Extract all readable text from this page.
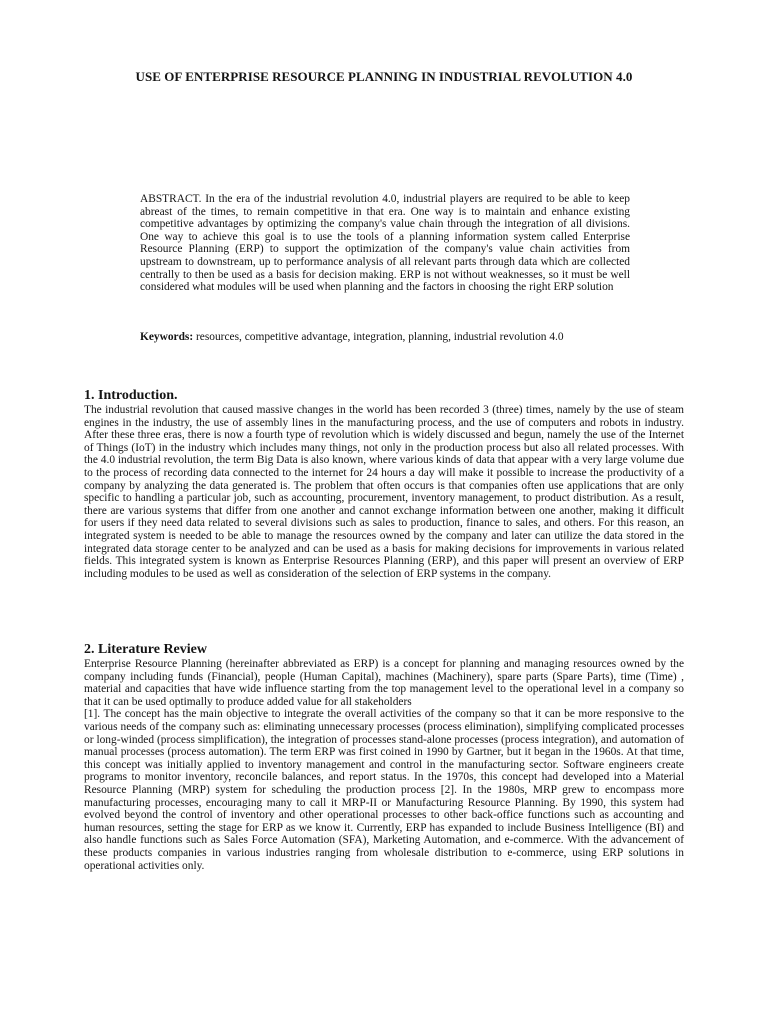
USE OF ENTERPRISE RESOURCE PLANNING IN INDUSTRIAL REVOLUTION 4.0

ABSTRACT. In the era of the industrial revolution 4.0, industrial players are required to be able to keep abreast of the times, to remain competitive in that era. One way is to maintain and enhance existing competitive advantages by optimizing the company's value chain through the integration of all divisions. One way to achieve this goal is to use the tools of a planning information system called Enterprise Resource Planning (ERP) to support the optimization of the company's value chain activities from upstream to downstream, up to performance analysis of all relevant parts through data which are collected centrally to then be used as a basis for decision making. ERP is not without weaknesses, so it must be well considered what modules will be used when planning and the factors in choosing the right ERP solution

Keywords: resources, competitive advantage, integration, planning, industrial revolution 4.0

1. Introduction.

The industrial revolution that caused massive changes in the world has been recorded 3 (three) times, namely by the use of steam engines in the industry, the use of assembly lines in the manufacturing process, and the use of computers and robots in industry. After these three eras, there is now a fourth type of revolution which is widely discussed and begun, namely the use of the Internet of Things (IoT) in the industry which includes many things, not only in the production process but also all related processes. With the 4.0 industrial revolution, the term Big Data is also known, where various kinds of data that appear with a very large volume due to the process of recording data connected to the internet for 24 hours a day will make it possible to increase the productivity of a company by analyzing the data generated is. The problem that often occurs is that companies often use applications that are only specific to handling a particular job, such as accounting, procurement, inventory management, to product distribution. As a result, there are various systems that differ from one another and cannot exchange information between one another, making it difficult for users if they need data related to several divisions such as sales to production, finance to sales, and others. For this reason, an integrated system is needed to be able to manage the resources owned by the company and later can utilize the data stored in the integrated data storage center to be analyzed and can be used as a basis for making decisions for improvements in various related fields. This integrated system is known as Enterprise Resources Planning (ERP), and this paper will present an overview of ERP including modules to be used as well as consideration of the selection of ERP systems in the company.

2. Literature Review

Enterprise Resource Planning (hereinafter abbreviated as ERP) is a concept for planning and managing resources owned by the company including funds (Financial), people (Human Capital), machines (Machinery), spare parts (Spare Parts), time (Time) , material and capacities that have wide influence starting from the top management level to the operational level in a company so that it can be used optimally to produce added value for all stakeholders

[1]. The concept has the main objective to integrate the overall activities of the company so that it can be more responsive to the various needs of the company such as: eliminating unnecessary processes (process elimination), simplifying complicated processes or long-winded (process simplification), the integration of processes stand-alone processes (process integration), and automation of manual processes (process automation). The term ERP was first coined in 1990 by Gartner, but it began in the 1960s. At that time, this concept was initially applied to inventory management and control in the manufacturing sector. Software engineers create programs to monitor inventory, reconcile balances, and report status. In the 1970s, this concept had developed into a Material Resource Planning (MRP) system for scheduling the production process [2]. In the 1980s, MRP grew to encompass more manufacturing processes, encouraging many to call it MRP-II or Manufacturing Resource Planning. By 1990, this system had evolved beyond the control of inventory and other operational processes to other back-office functions such as accounting and human resources, setting the stage for ERP as we know it. Currently, ERP has expanded to include Business Intelligence (BI) and also handle functions such as Sales Force Automation (SFA), Marketing Automation, and e-commerce. With the advancement of these products companies in various industries ranging from wholesale distribution to e-commerce, using ERP solutions in operational activities only.
